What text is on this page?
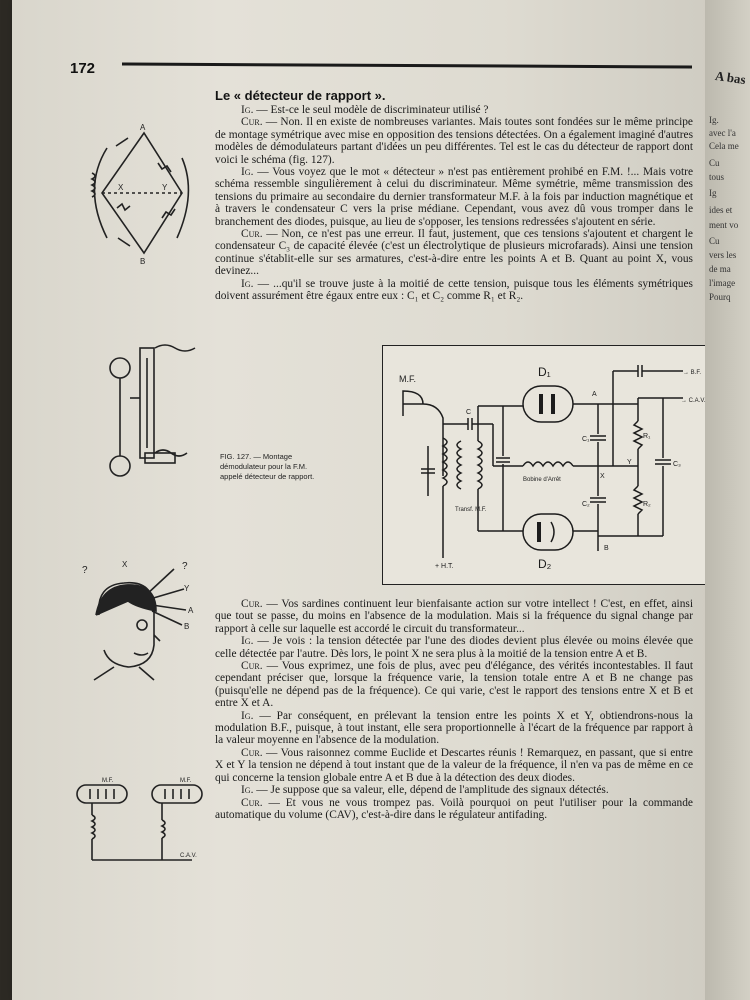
172
Le « détecteur de rapport ».

Ig. — Est-ce le seul modèle de discriminateur utilisé ?

Cur. — Non. Il en existe de nombreuses variantes. Mais toutes sont fondées sur le même principe de montage symétrique avec mise en opposition des tensions détectées. On a également imaginé d'autres modèles de démodulateurs partant d'idées un peu différentes. Tel est le cas du détecteur de rapport dont voici le schéma (fig. 127).

Ig. — Vous voyez que le mot « détecteur » n'est pas entièrement prohibé en F.M. !... Mais votre schéma ressemble singulièrement à celui du discriminateur. Même symétrie, même transmission des tensions du primaire au secondaire du dernier transformateur M.F. à la fois par induction magnétique et à travers le condensateur C vers la prise médiane. Cependant, vous avez dû vous tromper dans le branchement des diodes, puisque, au lieu de s'opposer, les tensions redressées s'ajoutent en série.

Cur. — Non, ce n'est pas une erreur. Il faut, justement, que ces tensions s'ajoutent et chargent le condensateur C₃ de capacité élevée (c'est un électrolytique de plusieurs microfarads). Ainsi une tension continue s'établit-elle sur ses armatures, c'est-à-dire entre les points A et B. Quant au point X, vous devinez...

Ig. — ...qu'il se trouve juste à la moitié de cette tension, puisque tous les éléments symétriques doivent assurément être égaux entre eux : C₁ et C₂ comme R₁ et R₂.

FIG. 127. — Montage démodulateur pour la F.M. appelé détecteur de rapport.
M.F.	D₁
D₂
C
C₁
C₂
C₃
R₁
R₂
A
B
X
Y
→ B.F.
→ C.A.V.
+ H.T.
Transf. M.F.
Bobine d'Arrêt

Cur. — Vos sardines continuent leur bienfaisante action sur votre intellect ! C'est, en effet, ainsi que tout se passe, du moins en l'absence de la modulation. Mais si la fréquence du signal change par rapport à celle sur laquelle est accordé le circuit du transformateur...

Ig. — Je vois : la tension détectée par l'une des diodes devient plus élevée ou moins élevée que celle détectée par l'autre. Dès lors, le point X ne sera plus à la moitié de la tension entre A et B.

Cur. — Vous exprimez, une fois de plus, avec peu d'élégance, des vérités incontestables. Il faut cependant préciser que, lorsque la fréquence varie, la tension totale entre A et B ne change pas (puisqu'elle ne dépend pas de la fréquence). Ce qui varie, c'est le rapport des tensions entre X et B et entre X et A.

Ig. — Par conséquent, en prélevant la tension entre les points X et Y, obtiendrons-nous la modulation B.F., puisque, à tout instant, elle sera proportionnelle à l'écart de la fréquence par rapport à la valeur moyenne en l'absence de la modulation.

Cur. — Vous raisonnez comme Euclide et Descartes réunis ! Remarquez, en passant, que si entre X et Y la tension ne dépend à tout instant que de la valeur de la fréquence, il n'en va pas de même en ce qui concerne la tension globale entre A et B due à la détection des deux diodes.

Ig. — Je suppose que sa valeur, elle, dépend de l'amplitude des signaux détectés.

Cur. — Et vous ne vous trompez pas. Voilà pourquoi on peut l'utiliser pour la commande automatique du volume (CAV), c'est-à-dire dans le régulateur antifading.

A
B
X	Y
?	?
X
Y
A
B
M.F.	M.F.
C.A.V.
A bas
Ig.
avec l'a
Cela me
Cu
tous
Ig
ides et
ment vo
Cu
vers les
de ma
l'image
Pourq
